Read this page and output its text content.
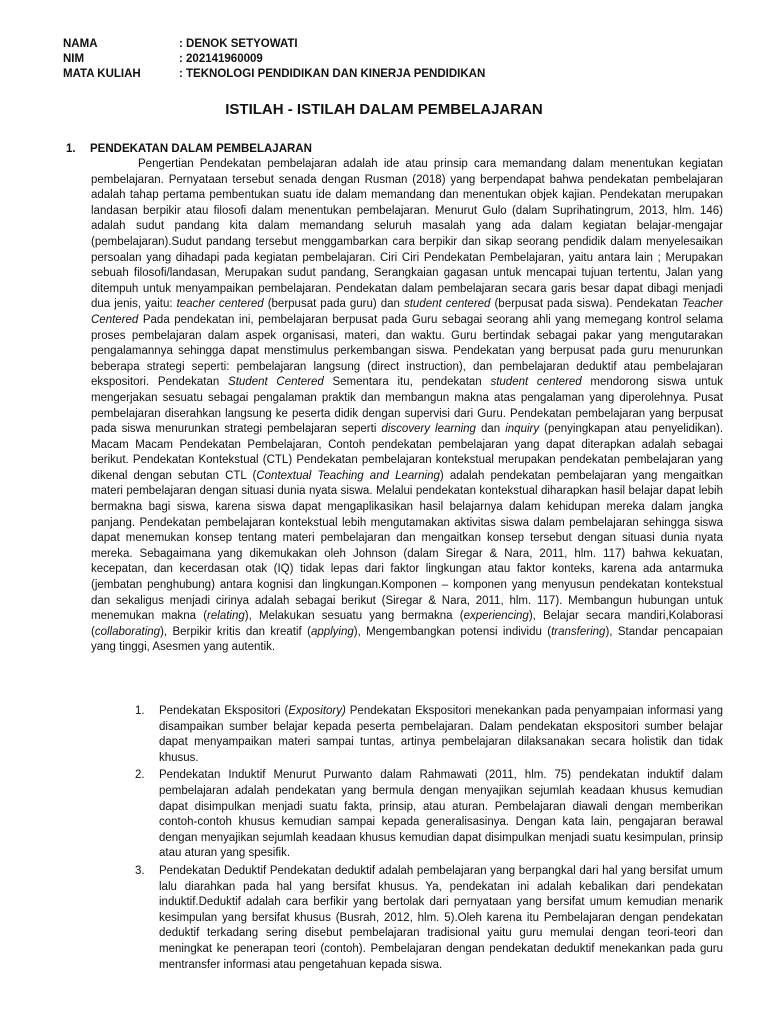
NAMA	: DENOK SETYOWATI
NIM	: 202141960009
MATA KULIAH	: TEKNOLOGI PENDIDIKAN DAN KINERJA PENDIDIKAN
ISTILAH - ISTILAH DALAM PEMBELAJARAN
1. PENDEKATAN DALAM PEMBELAJARAN

Pengertian Pendekatan pembelajaran adalah ide atau prinsip cara memandang dalam menentukan kegiatan pembelajaran. Pernyataan tersebut senada dengan Rusman (2018) yang berpendapat bahwa pendekatan pembelajaran adalah tahap pertama pembentukan suatu ide dalam memandang dan menentukan objek kajian. Pendekatan merupakan landasan berpikir atau filosofi dalam menentukan pembelajaran. Menurut Gulo (dalam Suprihatingrum, 2013, hlm. 146) adalah sudut pandang kita dalam memandang seluruh masalah yang ada dalam kegiatan belajar-mengajar (pembelajaran).Sudut pandang tersebut menggambarkan cara berpikir dan sikap seorang pendidik dalam menyelesaikan persoalan yang dihadapi pada kegiatan pembelajaran. Ciri Ciri Pendekatan Pembelajaran, yaitu antara lain ; Merupakan sebuah filosofi/landasan, Merupakan sudut pandang, Serangkaian gagasan untuk mencapai tujuan tertentu, Jalan yang ditempuh untuk menyampaikan pembelajaran. Pendekatan dalam pembelajaran secara garis besar dapat dibagi menjadi dua jenis, yaitu: teacher centered (berpusat pada guru) dan student centered (berpusat pada siswa). Pendekatan Teacher Centered Pada pendekatan ini, pembelajaran berpusat pada Guru sebagai seorang ahli yang memegang kontrol selama proses pembelajaran dalam aspek organisasi, materi, dan waktu. Guru bertindak sebagai pakar yang mengutarakan pengalamannya sehingga dapat menstimulus perkembangan siswa. Pendekatan yang berpusat pada guru menurunkan beberapa strategi seperti: pembelajaran langsung (direct instruction), dan pembelajaran deduktif atau pembelajaran ekspositori. Pendekatan Student Centered Sementara itu, pendekatan student centered mendorong siswa untuk mengerjakan sesuatu sebagai pengalaman praktik dan membangun makna atas pengalaman yang diperolehnya. Pusat pembelajaran diserahkan langsung ke peserta didik dengan supervisi dari Guru. Pendekatan pembelajaran yang berpusat pada siswa menurunkan strategi pembelajaran seperti discovery learning dan inquiry (penyingkapan atau penyelidikan). Macam Macam Pendekatan Pembelajaran, Contoh pendekatan pembelajaran yang dapat diterapkan adalah sebagai berikut. Pendekatan Kontekstual (CTL) Pendekatan pembelajaran kontekstual merupakan pendekatan pembelajaran yang dikenal dengan sebutan CTL (Contextual Teaching and Learning) adalah pendekatan pembelajaran yang mengaitkan materi pembelajaran dengan situasi dunia nyata siswa. Melalui pendekatan kontekstual diharapkan hasil belajar dapat lebih bermakna bagi siswa, karena siswa dapat mengaplikasikan hasil belajarnya dalam kehidupan mereka dalam jangka panjang. Pendekatan pembelajaran kontekstual lebih mengutamakan aktivitas siswa dalam pembelajaran sehingga siswa dapat menemukan konsep tentang materi pembelajaran dan mengaitkan konsep tersebut dengan situasi dunia nyata mereka. Sebagaimana yang dikemukakan oleh Johnson (dalam Siregar & Nara, 2011, hlm. 117) bahwa kekuatan, kecepatan, dan kecerdasan otak (IQ) tidak lepas dari faktor lingkungan atau faktor konteks, karena ada antarmuka (jembatan penghubung) antara kognisi dan lingkungan.Komponen – komponen yang menyusun pendekatan kontekstual dan sekaligus menjadi cirinya adalah sebagai berikut (Siregar & Nara, 2011, hlm. 117). Membangun hubungan untuk menemukan makna (relating), Melakukan sesuatu yang bermakna (experiencing), Belajar secara mandiri,Kolaborasi (collaborating), Berpikir kritis dan kreatif (applying), Mengembangkan potensi individu (transfering), Standar pencapaian yang tinggi, Asesmen yang autentik.

1. Pendekatan Ekspositori (Expository) Pendekatan Ekspositori menekankan pada penyampaian informasi yang disampaikan sumber belajar kepada peserta pembelajaran. Dalam pendekatan ekspositori sumber belajar dapat menyampaikan materi sampai tuntas, artinya pembelajaran dilaksanakan secara holistik dan tidak khusus.
2. Pendekatan Induktif Menurut Purwanto dalam Rahmawati (2011, hlm. 75) pendekatan induktif dalam pembelajaran adalah pendekatan yang bermula dengan menyajikan sejumlah keadaan khusus kemudian dapat disimpulkan menjadi suatu fakta, prinsip, atau aturan. Pembelajaran diawali dengan memberikan contoh-contoh khusus kemudian sampai kepada generalisasinya. Dengan kata lain, pengajaran berawal dengan menyajikan sejumlah keadaan khusus kemudian dapat disimpulkan menjadi suatu kesimpulan, prinsip atau aturan yang spesifik.
3. Pendekatan Deduktif Pendekatan deduktif adalah pembelajaran yang berpangkal dari hal yang bersifat umum lalu diarahkan pada hal yang bersifat khusus. Ya, pendekatan ini adalah kebalikan dari pendekatan induktif.Deduktif adalah cara berfikir yang bertolak dari pernyataan yang bersifat umum kemudian menarik kesimpulan yang bersifat khusus (Busrah, 2012, hlm. 5).Oleh karena itu Pembelajaran dengan pendekatan deduktif terkadang sering disebut pembelajaran tradisional yaitu guru memulai dengan teori-teori dan meningkat ke penerapan teori (contoh). Pembelajaran dengan pendekatan deduktif menekankan pada guru mentransfer informasi atau pengetahuan kepada siswa.
